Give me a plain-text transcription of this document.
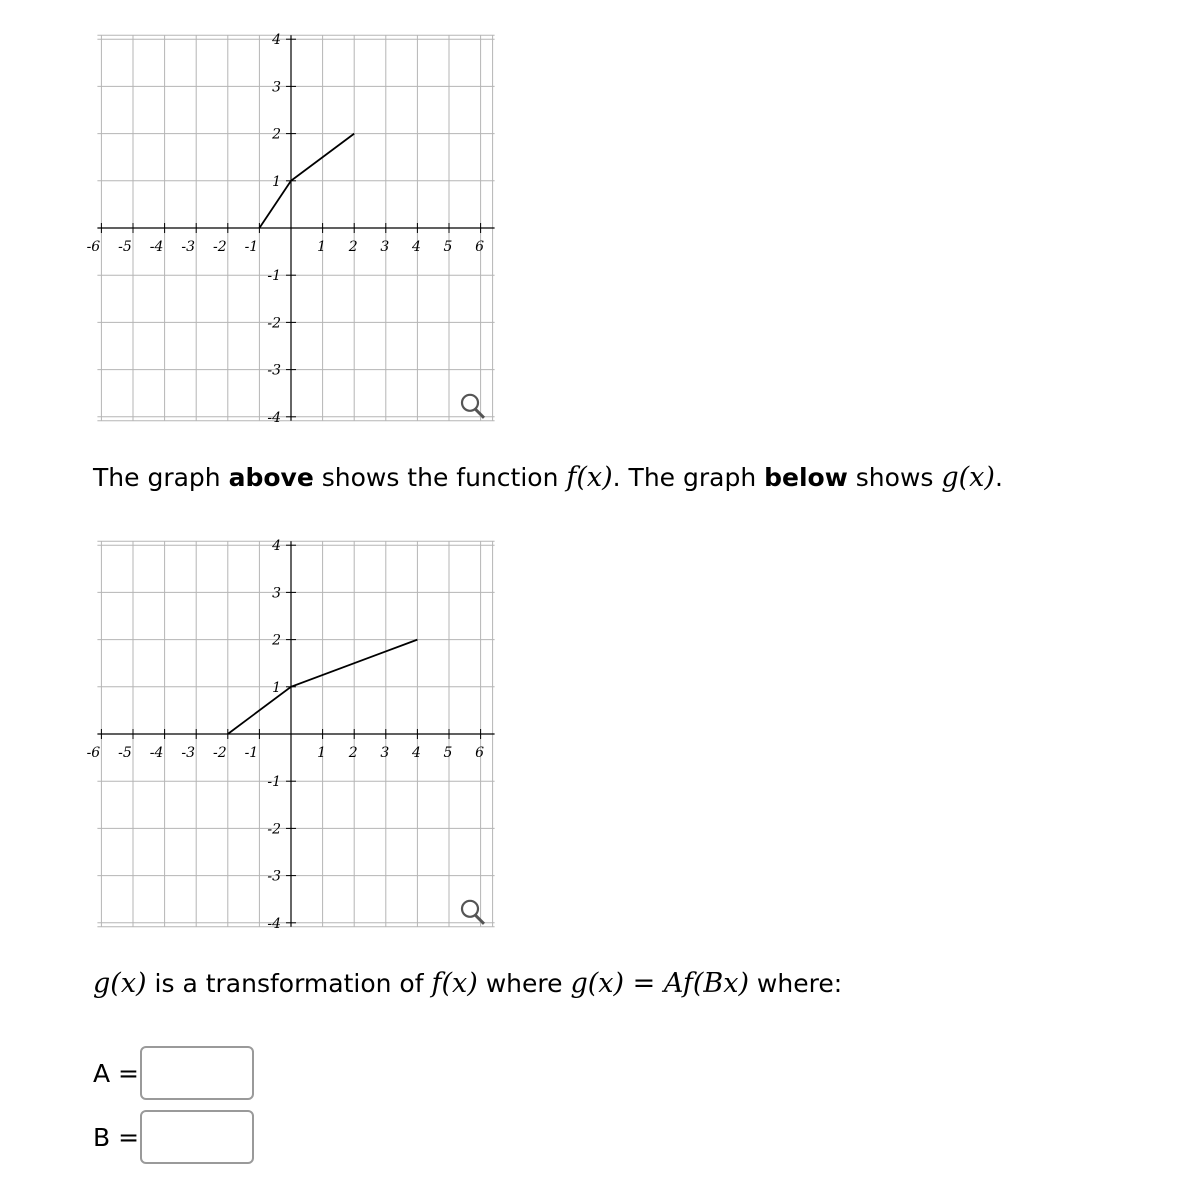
-6 -5 -4 -3 -2 -1	1 2 3 4 5 6
4
3
2
1
-1
-2
-3
-4
The graph above shows the function f(x). The graph below shows g(x).
-6 -5 -4 -3 -2 -1	1 2 3 4 5 6
4
3
2
1
-1
-2
-3
-4
g(x) is a transformation of f(x) where g(x) = Af(Bx) where:
A =
B =
